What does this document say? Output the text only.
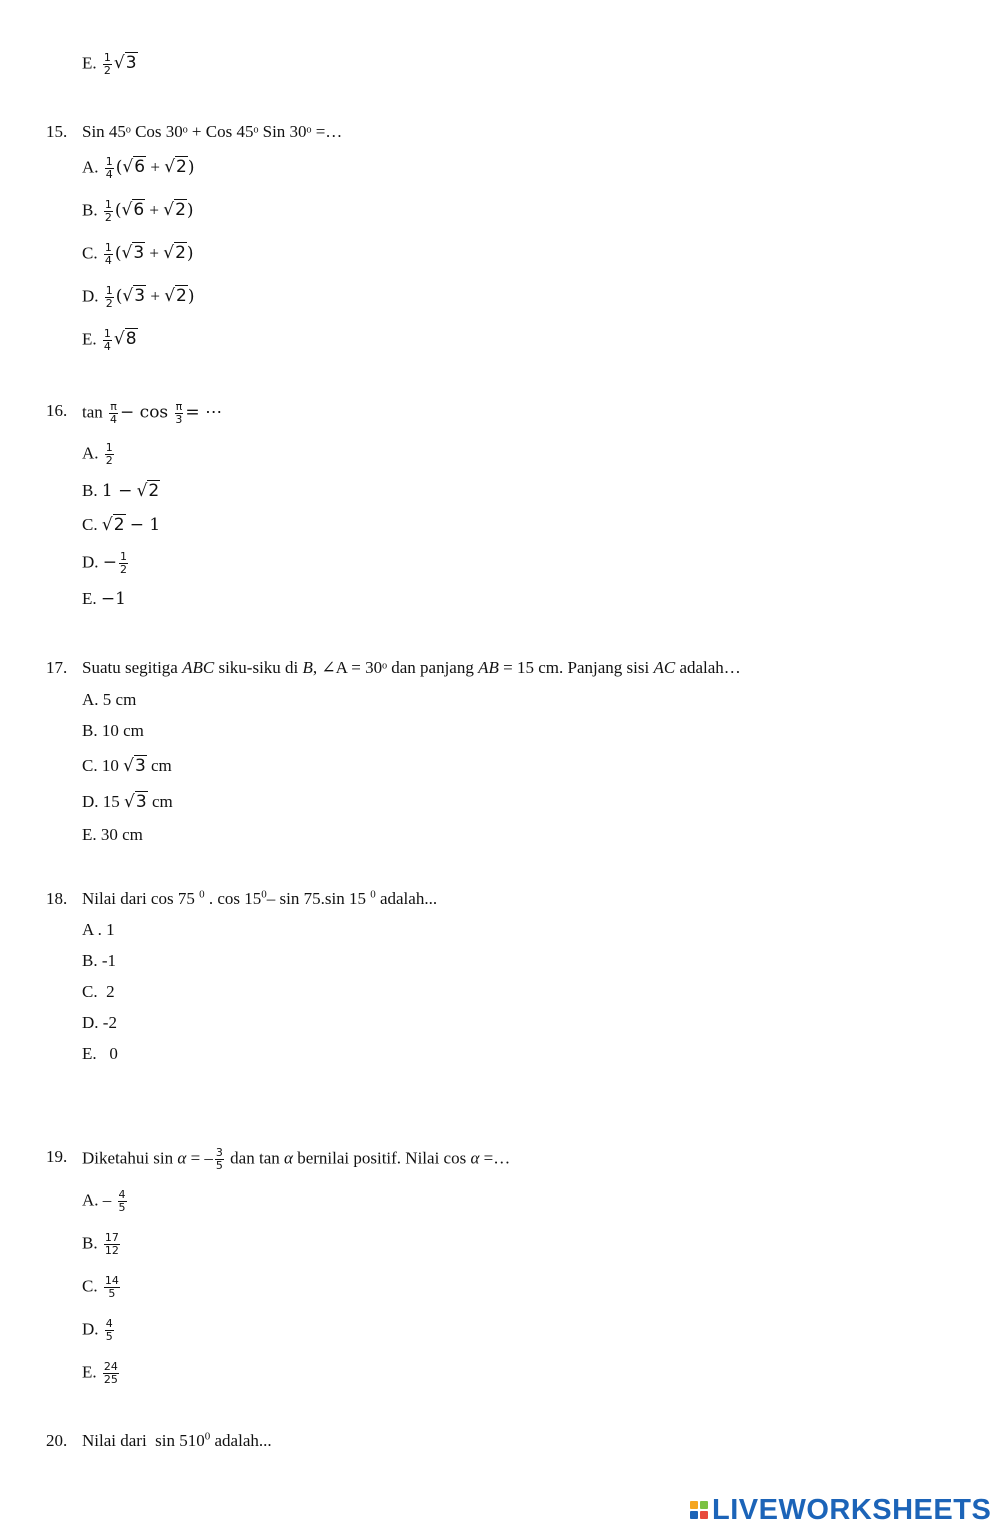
E. $\frac{1}{2} √3$
15. Sin 45ᵒ Cos 30ᵒ + Cos 45ᵒ Sin 30ᵒ =…
A. $\frac{1}{4} (√6 + √2)$
B. $\frac{1}{2} (√6 + √2)$
C. $\frac{1}{4} (√3 + √2)$
D. $\frac{1}{2} (√3 + √2)$
E. $\frac{1}{4} √8$
16. $\tan \frac{\pi}{4} - \cos \frac{\pi}{3}$ = ⋯
A. $\frac{1}{2}$
B. 1 − √2
C. √2 − 1
D. − $\frac{1}{2}$
E. −1
17. Suatu segitiga ABC siku-siku di B, ∠A = 30ᵒ dan panjang AB = 15 cm. Panjang sisi AC adalah…
A. 5 cm
B. 10 cm
C. 10 √3 cm
D. 15 √3 cm
E. 30 cm
18. Nilai dari cos 75 $^0$ . $\cos 15^0-$ sin 75.sin 15 $^0$ adalah...
A . 1
B. -1
C.  2
D. -2
E.   0
19. Diketahui sin α = – $\frac{3}{5}$ dan tan α bernilai positif. Nilai cos α =…
A. – $\frac{4}{5}$
B. $\frac{17}{12}$
C. $\frac{14}{5}$
D. $\frac{4}{5}$
E. $\frac{24}{25}$
20. Nilai dari  $\sin 510^0$ adalah...
LIVEWORKSHEETS
